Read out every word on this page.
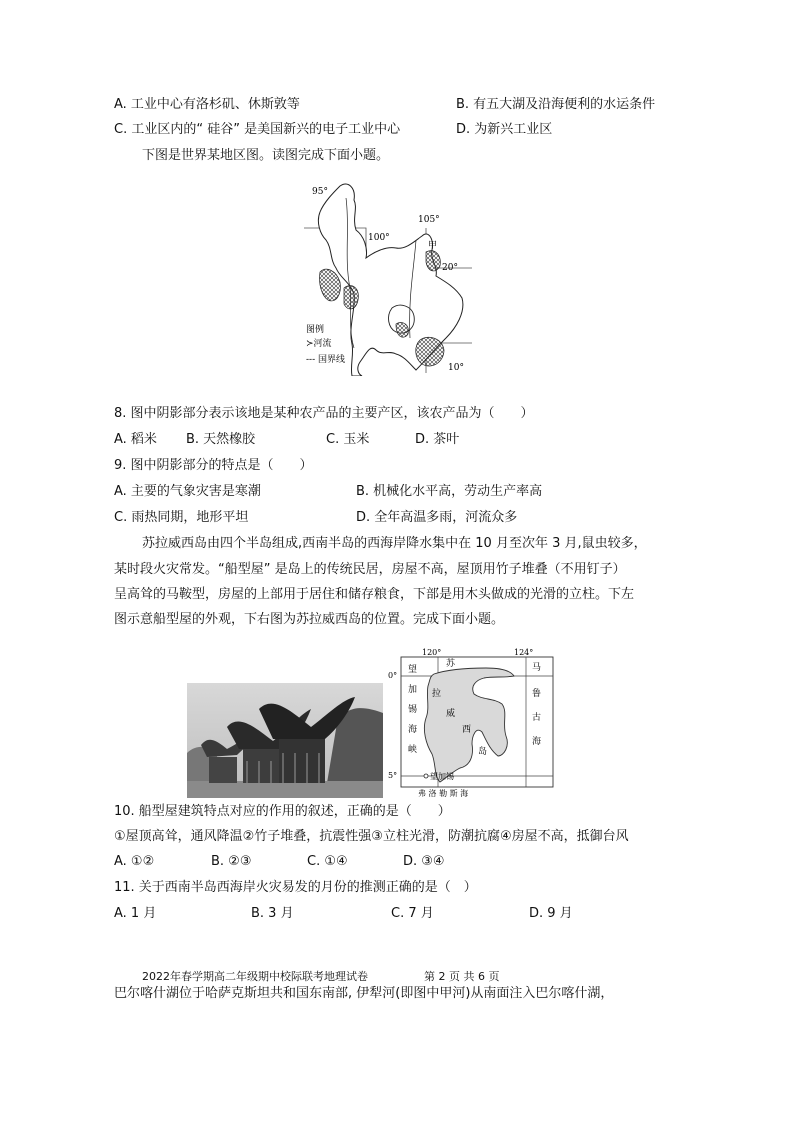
A. 工业中心有洛杉矶、休斯敦等	B. 有五大湖及沿海便利的水运条件
C. 工业区内的“ 硅谷” 是美国新兴的电子工业中心	D. 为新兴工业区
下图是世界某地区图。读图完成下面小题。
95°
100°
105°
20°
10°
甲
图例
≻河流
--- 国界线
8. 图中阴影部分表示该地是某种农产品的主要产区，该农产品为（　　）
A. 稻米 B. 天然橡胶	C. 玉米	D. 茶叶
9. 图中阴影部分的特点是（　　）
A. 主要的气象灾害是寒潮	B. 机械化水平高，劳动生产率高
C. 雨热同期，地形平坦	D. 全年高温多雨，河流众多
苏拉威西岛由四个半岛组成,西南半岛的西海岸降水集中在 10 月至次年 3 月,鼠虫较多，
某时段火灾常发。“船型屋” 是岛上的传统民居，房屋不高，屋顶用竹子堆叠（不用钉子）
呈高耸的马鞍型，房屋的上部用于居住和储存粮食，下部是用木头做成的光滑的立柱。下左
图示意船型屋的外观，下右图为苏拉威西岛的位置。完成下面小题。
120°	124°
0°
5°
苏
望
加
锡
海
峡
拉
威
西
岛
马
鲁
古
海
望加锡
弗 洛 勒 斯 海
10. 船型屋建筑特点对应的作用的叙述，正确的是（　　）
①屋顶高耸，通风降温②竹子堆叠，抗震性强③立柱光滑，防潮抗腐④房屋不高，抵御台风
A. ①②	B. ②③	C. ①④	D. ③④
11. 关于西南半岛西海岸火灾易发的月份的推测正确的是（　）
A. 1 月	B. 3 月	C. 7 月	D. 9 月
2022年春学期高二年级期中校际联考地理试卷	第 2 页 共 6 页
巴尔喀什湖位于哈萨克斯坦共和国东南部, 伊犁河(即图中甲河)从南面注入巴尔喀什湖，
